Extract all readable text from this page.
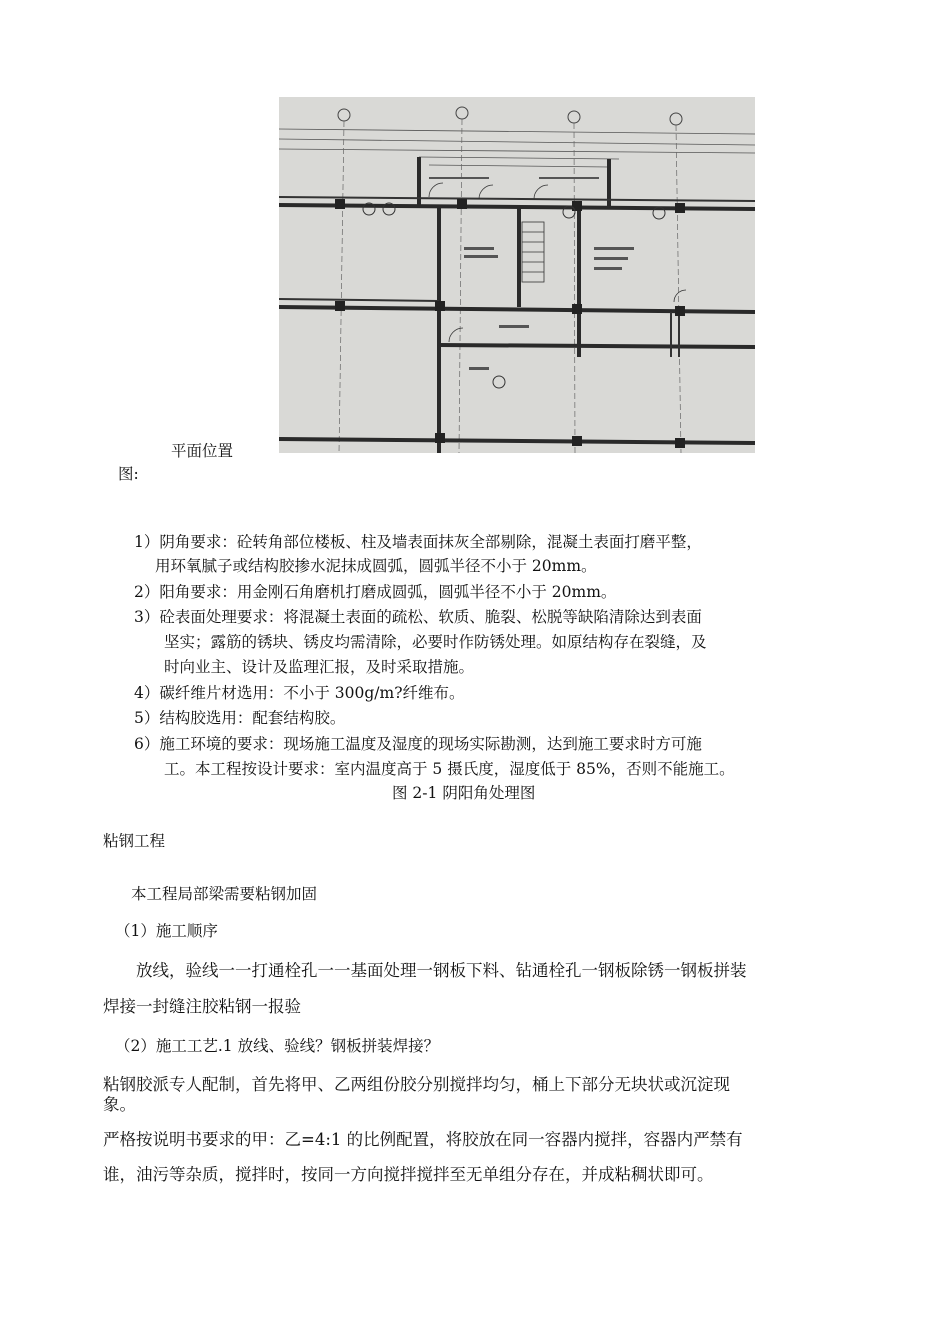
平面位置
图:
1）阴角要求：砼转角部位楼板、柱及墙表面抹灰全部剔除，混凝土表面打磨平整，
用环氧腻子或结构胶掺水泥抹成圆弧，圆弧半径不小于 20mm。
2）阳角要求：用金刚石角磨机打磨成圆弧，圆弧半径不小于 20mm。
3）砼表面处理要求：将混凝土表面的疏松、软质、脆裂、松脱等缺陷清除达到表面
坚实；露筋的锈块、锈皮均需清除，必要时作防锈处理。如原结构存在裂缝，及
时向业主、设计及监理汇报，及时采取措施。
4）碳纤维片材选用：不小于 300g/m?纤维布。
5）结构胶选用：配套结构胶。
6）施工环境的要求：现场施工温度及湿度的现场实际勘测，达到施工要求时方可施
工。本工程按设计要求：室内温度高于 5 摄氏度，湿度低于 85%，否则不能施工。
图 2-1 阴阳角处理图
粘钢工程
本工程局部梁需要粘钢加固
（1）施工顺序
放线，验线一一打通栓孔一一基面处理一钢板下料、钻通栓孔一钢板除锈一钢板拼装
焊接一封缝注胶粘钢一报验
（2）施工工艺.1 放线、验线？钢板拼装焊接？
粘钢胶派专人配制，首先将甲、乙两组份胶分别搅拌均匀，桶上下部分无块状或沉淀现
象。
严格按说明书要求的甲：乙=4:1 的比例配置，将胶放在同一容器内搅拌，容器内严禁有
谁，油污等杂质，搅拌时，按同一方向搅拌搅拌至无单组分存在，并成粘稠状即可。
